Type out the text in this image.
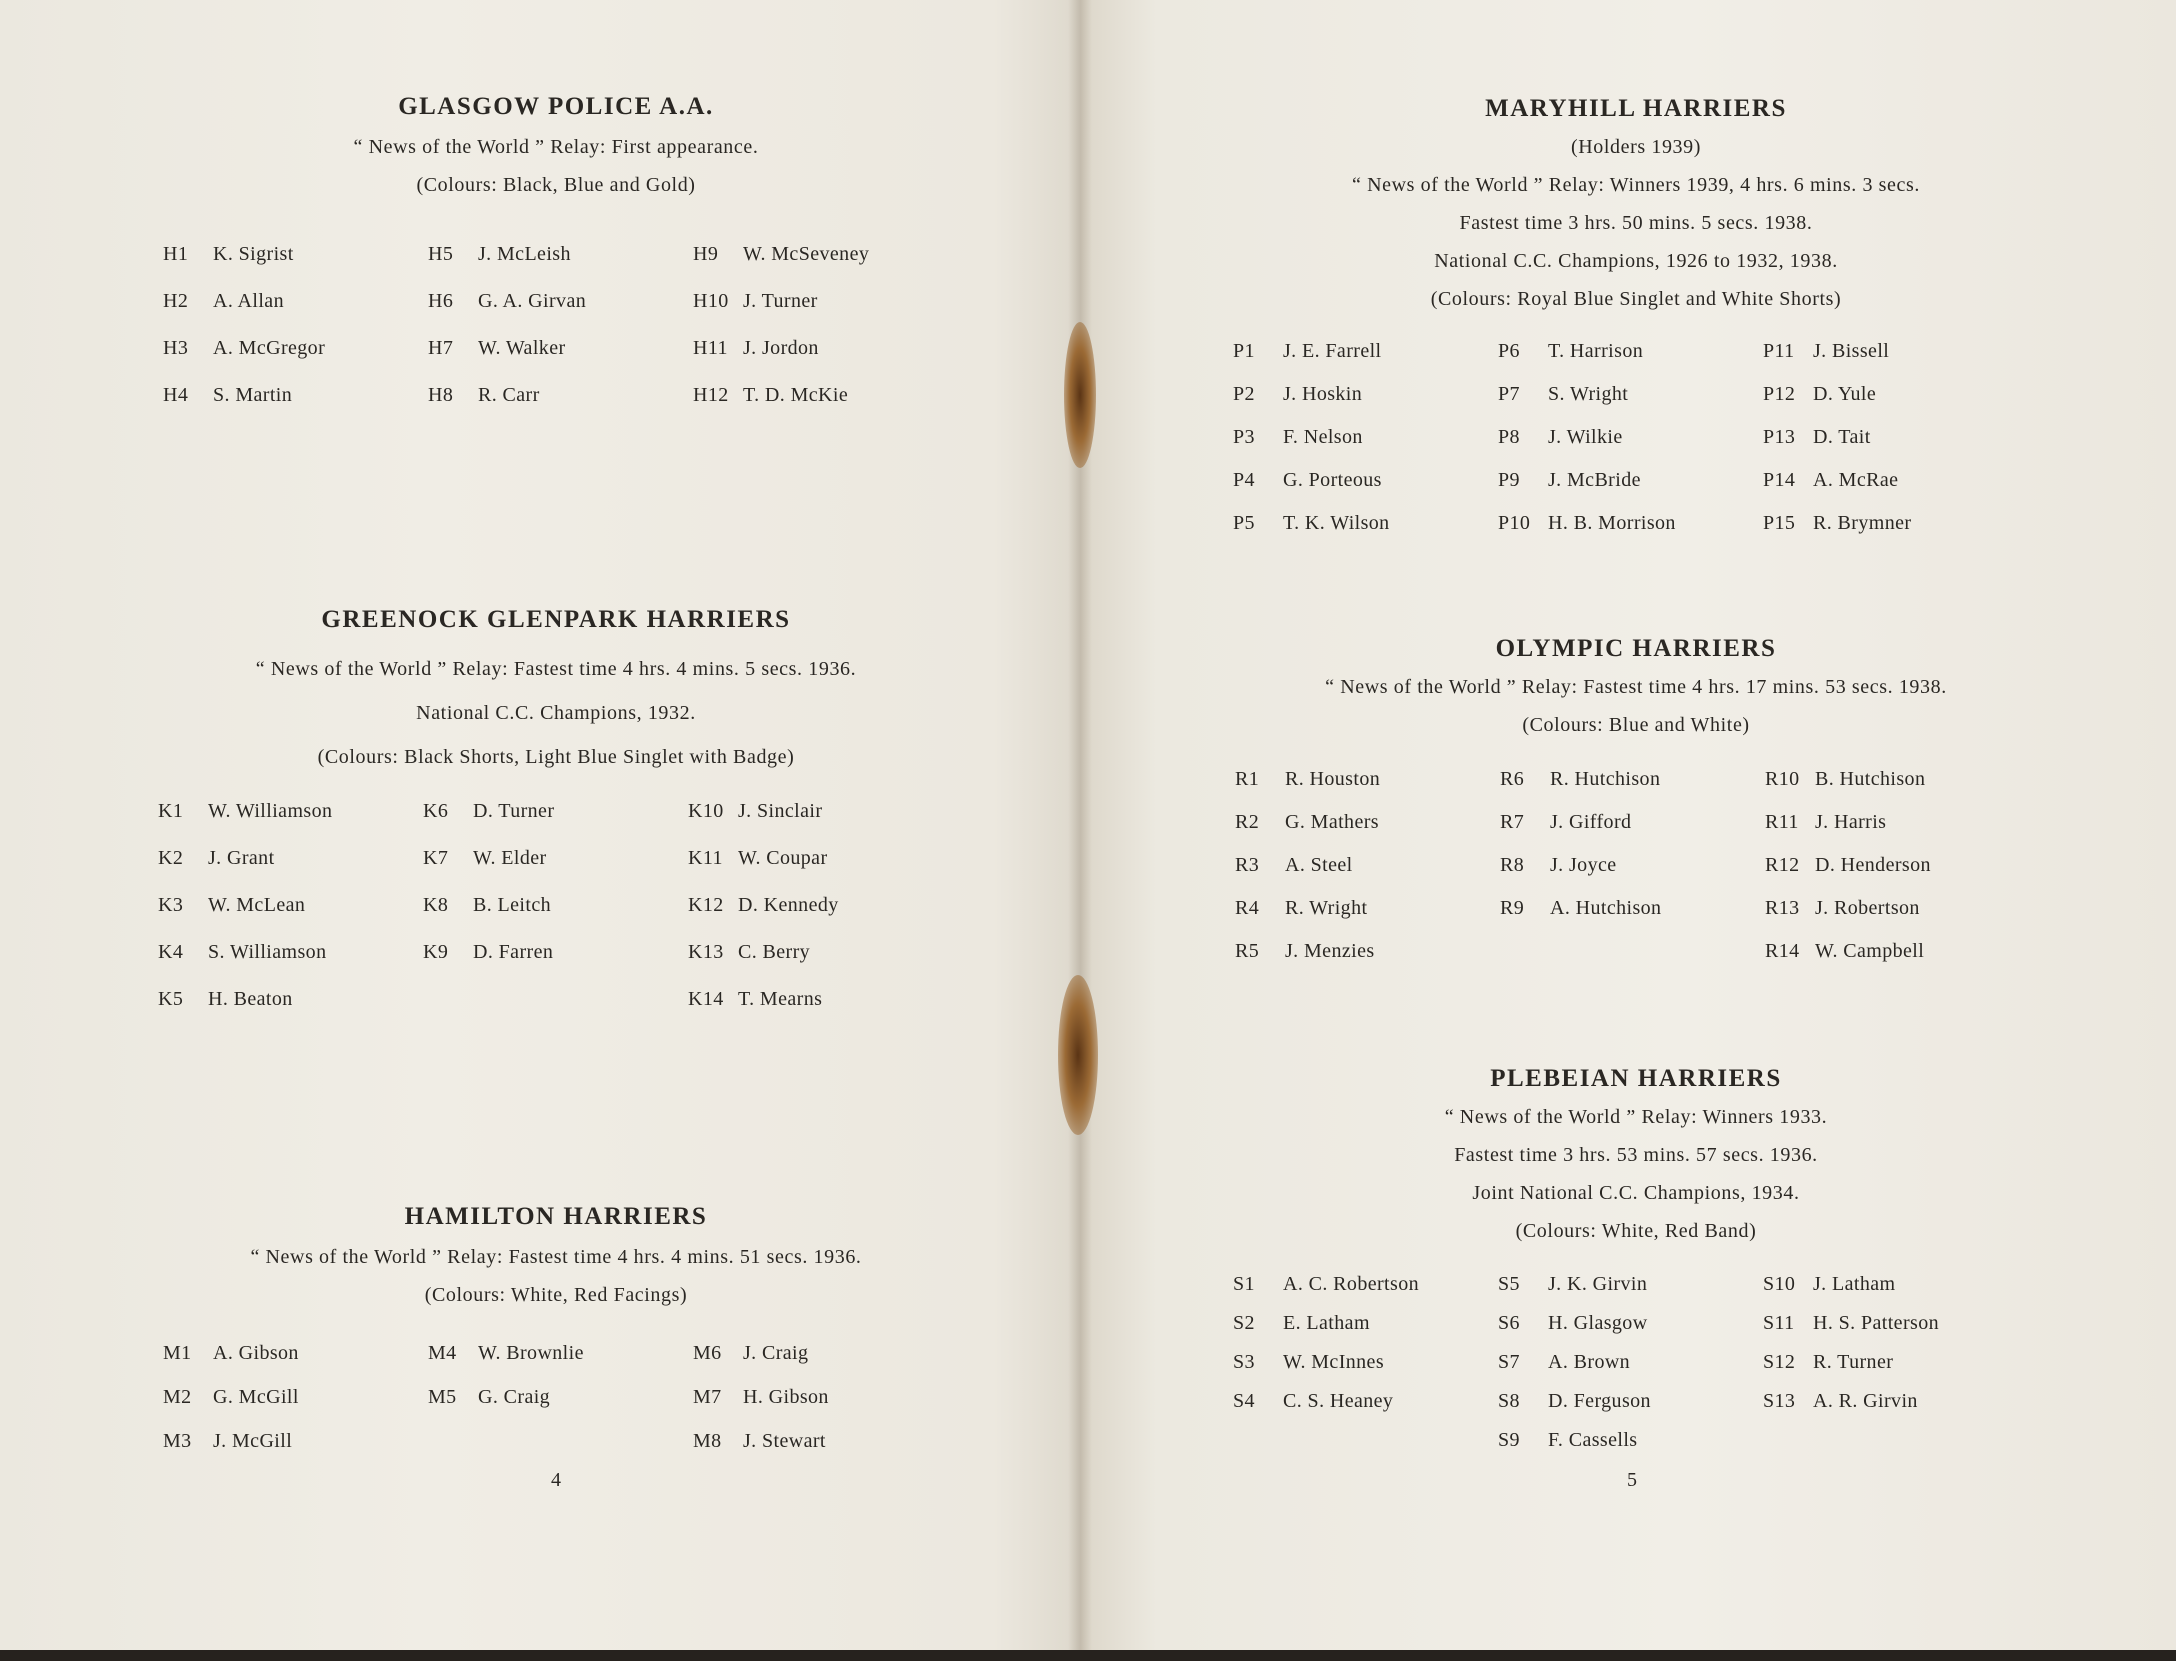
GLASGOW POLICE A.A.

“ News of the World ” Relay: First appearance.

(Colours: Black, Blue and Gold)

H1 K. Sigrist
H2 A. Allan
H3 A. McGregor
H4 S. Martin
H5 J. McLeish
H6 G. A. Girvan
H7 W. Walker
H8 R. Carr
H9 W. McSeveney
H10 J. Turner
H11 J. Jordon
H12 T. D. McKie

GREENOCK GLENPARK HARRIERS

“ News of the World ” Relay: Fastest time 4 hrs. 4 mins. 5 secs. 1936.

National C.C. Champions, 1932.

(Colours: Black Shorts, Light Blue Singlet with Badge)

K1 W. Williamson
K2 J. Grant
K3 W. McLean
K4 S. Williamson
K5 H. Beaton
K6 D. Turner
K7 W. Elder
K8 B. Leitch
K9 D. Farren
K10 J. Sinclair
K11 W. Coupar
K12 D. Kennedy
K13 C. Berry
K14 T. Mearns

HAMILTON HARRIERS

“ News of the World ” Relay: Fastest time 4 hrs. 4 mins. 51 secs. 1936.

(Colours: White, Red Facings)

M1 A. Gibson
M2 G. McGill
M3 J. McGill
M4 W. Brownlie
M5 G. Craig
M6 J. Craig
M7 H. Gibson
M8 J. Stewart
4

MARYHILL HARRIERS

(Holders 1939)

“ News of the World ” Relay: Winners 1939, 4 hrs. 6 mins. 3 secs.

Fastest time 3 hrs. 50 mins. 5 secs. 1938.

National C.C. Champions, 1926 to 1932, 1938.

(Colours: Royal Blue Singlet and White Shorts)

P1 J. E. Farrell
P2 J. Hoskin
P3 F. Nelson
P4 G. Porteous
P5 T. K. Wilson
P6 T. Harrison
P7 S. Wright
P8 J. Wilkie
P9 J. McBride
P10 H. B. Morrison
P11 J. Bissell
P12 D. Yule
P13 D. Tait
P14 A. McRae
P15 R. Brymner

OLYMPIC HARRIERS

“ News of the World ” Relay: Fastest time 4 hrs. 17 mins. 53 secs. 1938.

(Colours: Blue and White)

R1 R. Houston
R2 G. Mathers
R3 A. Steel
R4 R. Wright
R5 J. Menzies
R6 R. Hutchison
R7 J. Gifford
R8 J. Joyce
R9 A. Hutchison
R10 B. Hutchison
R11 J. Harris
R12 D. Henderson
R13 J. Robertson
R14 W. Campbell

PLEBEIAN HARRIERS

“ News of the World ” Relay: Winners 1933.

Fastest time 3 hrs. 53 mins. 57 secs. 1936.

Joint National C.C. Champions, 1934.

(Colours: White, Red Band)

S1 A. C. Robertson
S2 E. Latham
S3 W. McInnes
S4 C. S. Heaney
S5 J. K. Girvin
S6 H. Glasgow
S7 A. Brown
S8 D. Ferguson
S9 F. Cassells
S10 J. Latham
S11 H. S. Patterson
S12 R. Turner
S13 A. R. Girvin
5
